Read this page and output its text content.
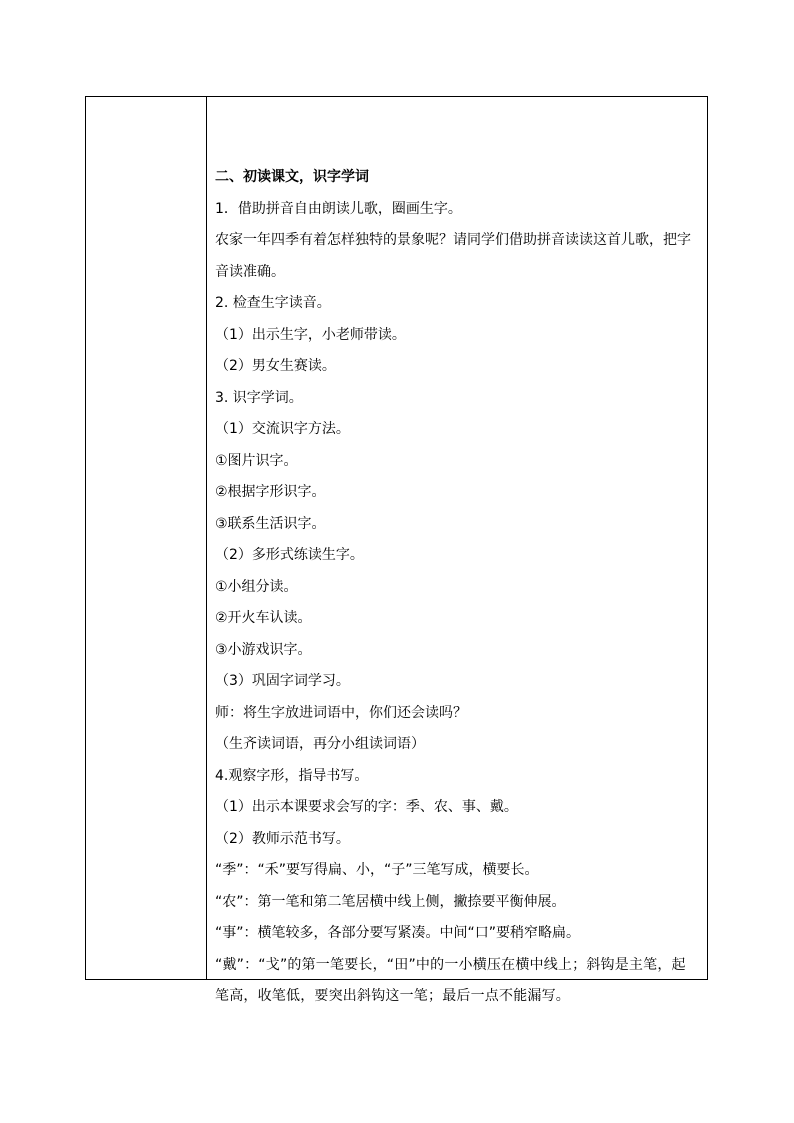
二、初读课文，识字学词

1．借助拼音自由朗读儿歌，圈画生字。

农家一年四季有着怎样独特的景象呢？请同学们借助拼音读读这首儿歌，把字音读准确。

2. 检查生字读音。

（1）出示生字，小老师带读。

（2）男女生赛读。

3. 识字学词。

（1）交流识字方法。

①图片识字。

②根据字形识字。

③联系生活识字。

（2）多形式练读生字。

①小组分读。

②开火车认读。

③小游戏识字。

（3）巩固字词学习。

师：将生字放进词语中，你们还会读吗？

（生齐读词语，再分小组读词语）

4.观察字形，指导书写。

（1）出示本课要求会写的字：季、农、事、戴。

（2）教师示范书写。

“季”：“禾”要写得扁、小，“子”三笔写成，横要长。

“农”：第一笔和第二笔居横中线上侧，撇捺要平衡伸展。

“事”：横笔较多，各部分要写紧凑。中间“口”要稍窄略扁。

“戴”：“戈”的第一笔要长，“田”中的一小横压在横中线上；斜钩是主笔，起笔高，收笔低，要突出斜钩这一笔；最后一点不能漏写。
